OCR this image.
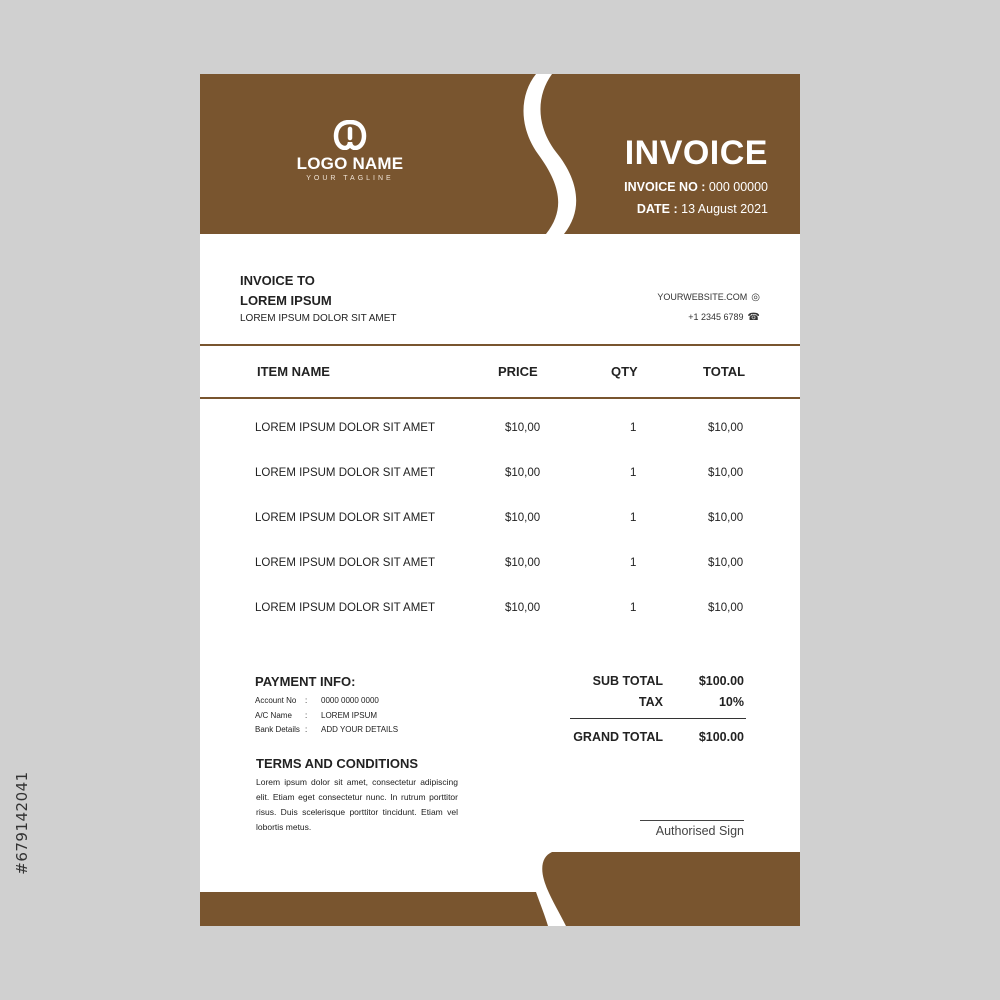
#679142041
LOGO NAME
YOUR TAGLINE
INVOICE
INVOICE NO : 000 00000
DATE : 13 August 2021
INVOICE TO
LOREM IPSUM
LOREM IPSUM DOLOR SIT AMET
YOURWEBSITE.COM ◎
+1 2345 6789 ☎
ITEM NAME	PRICE	QTY	TOTAL
LOREM IPSUM DOLOR SIT AMET	$10,00	1	$10,00
LOREM IPSUM DOLOR SIT AMET	$10,00	1	$10,00
LOREM IPSUM DOLOR SIT AMET	$10,00	1	$10,00
LOREM IPSUM DOLOR SIT AMET	$10,00	1	$10,00
LOREM IPSUM DOLOR SIT AMET	$10,00	1	$10,00
PAYMENT INFO:
Account No : 0000 0000 0000
A/C Name : LOREM IPSUM
Bank Details : ADD YOUR DETAILS
TERMS AND CONDITIONS
Lorem ipsum dolor sit amet, consectetur adipiscing elit. Etiam eget consectetur nunc. In rutrum porttitor risus. Duis scelerisque porttitor tincidunt. Etiam vel lobortis metus.
SUB TOTAL	$100.00
TAX	10%
GRAND TOTAL	$100.00
Authorised Sign
